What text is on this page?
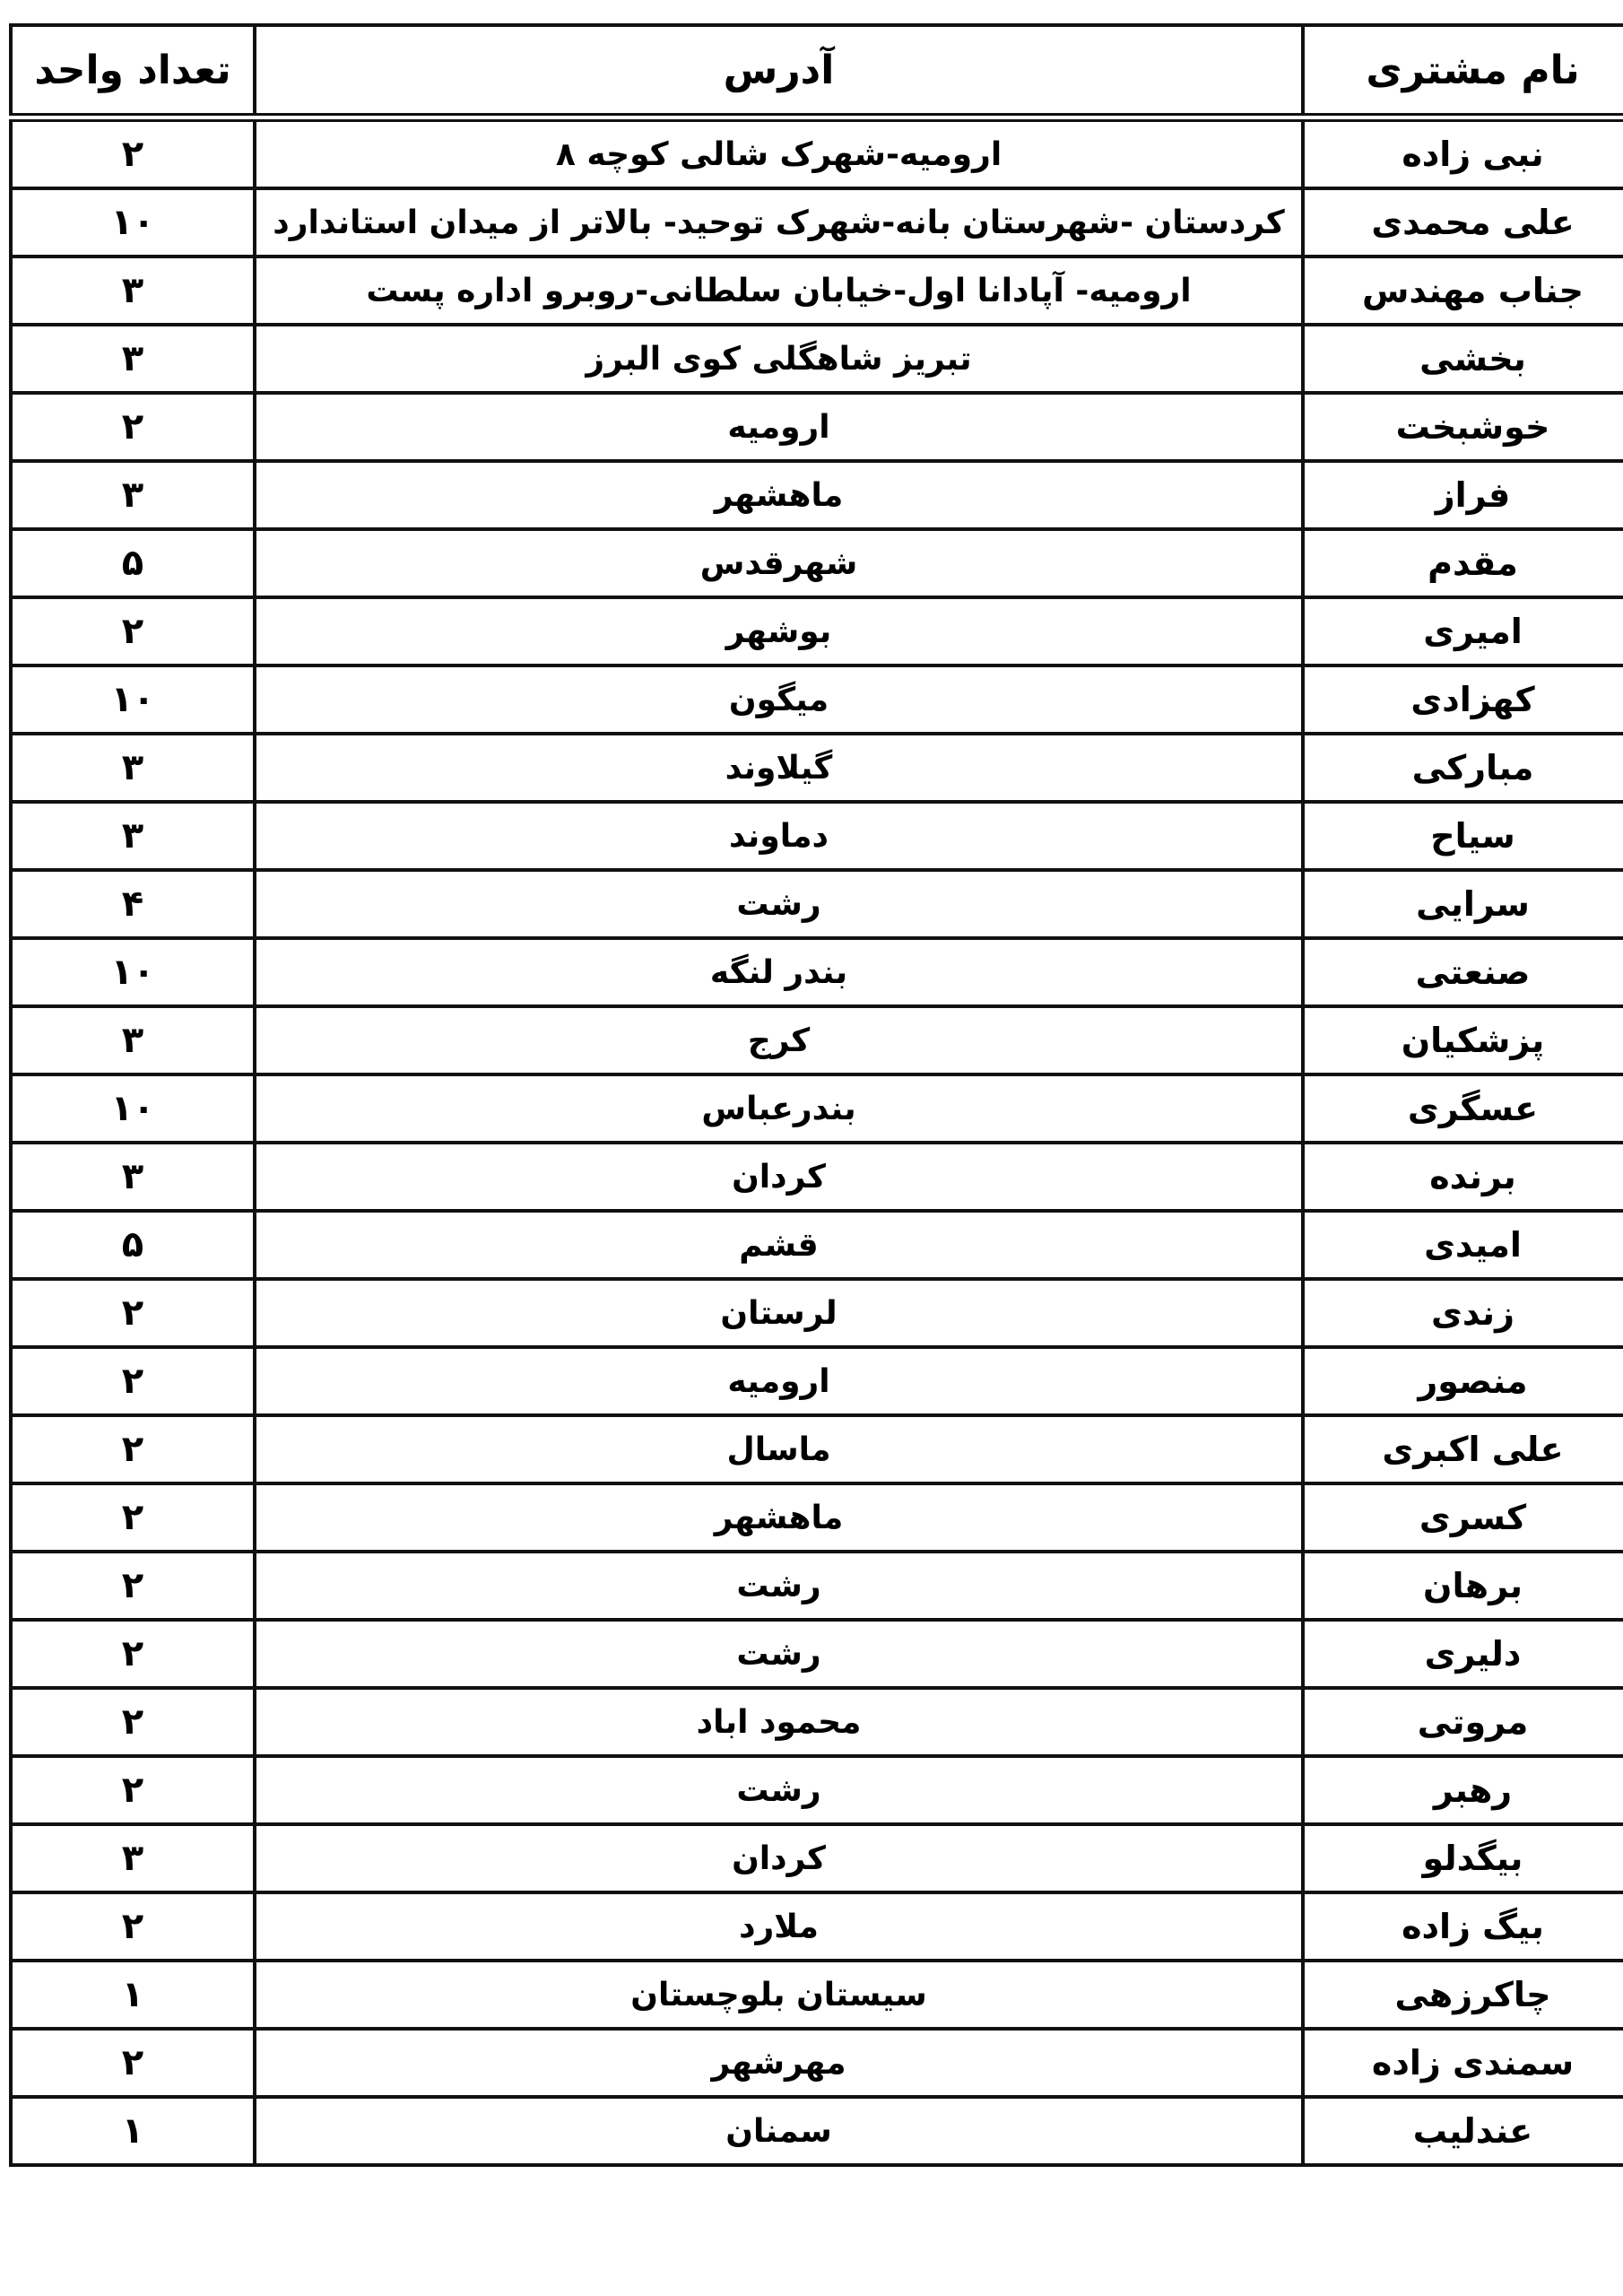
تعداد واحد	آدرس	نام مشتری
۲	ارومیه-شهرک شالی کوچه ۸	نبی زاده
۱۰	کردستان -شهرستان بانه-شهرک توحید- بالاتر از میدان استاندارد	علی محمدی
۳	ارومیه- آپادانا اول-خیابان سلطانی-روبرو اداره پست	جناب مهندس
۳	تبریز شاهگلی کوی البرز	بخشی
۲	ارومیه	خوشبخت
۳	ماهشهر	فراز
۵	شهرقدس	مقدم
۲	بوشهر	امیری
۱۰	میگون	کهزادی
۳	گیلاوند	مبارکی
۳	دماوند	سیاح
۴	رشت	سرایی
۱۰	بندر لنگه	صنعتی
۳	کرج	پزشکیان
۱۰	بندرعباس	عسگری
۳	کردان	برنده
۵	قشم	امیدی
۲	لرستان	زندی
۲	ارومیه	منصور
۲	ماسال	علی اکبری
۲	ماهشهر	کسری
۲	رشت	برهان
۲	رشت	دلیری
۲	محمود اباد	مروتی
۲	رشت	رهبر
۳	کردان	بیگدلو
۲	ملارد	بیگ زاده
۱	سیستان بلوچستان	چاکرزهی
۲	مهرشهر	سمندی زاده
۱	سمنان	عندلیب
